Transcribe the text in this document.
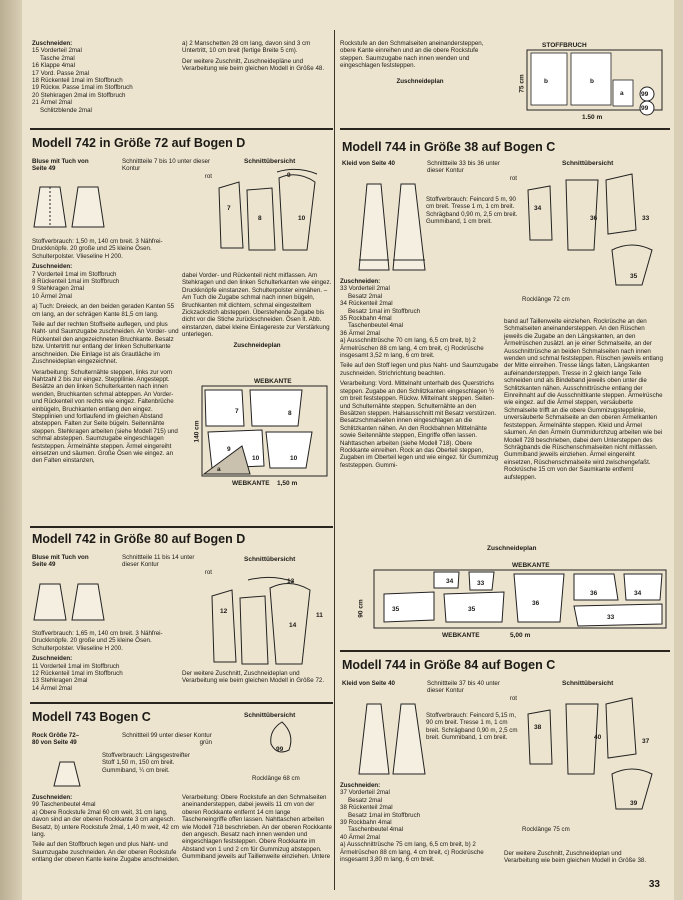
Zuschneiden:
15 Vorderteil 2mal
Tasche 2mal
16 Klappe 4mal
17 Vord. Passe 2mal
18 Rückenteil 1mal im Stoffbruch
19 Rückw. Passe 1mal im Stoffbruch
20 Stehkragen 2mal im Stoffbruch
21 Ärmel 2mal
Schlitzblende 2mal

a) 2 Manschetten 28 cm lang, davon sind 3 cm Untertritt, 10 cm breit (fertige Breite 5 cm).

Der weitere Zuschnitt, Zuschneidepläne und Verarbeitung wie beim gleichen Modell in Größe 48.

Rockstufe an den Schmalseiten aneinandersteppen, obere Kante einreihen und an die obere Rockstufe steppen. Saumzugabe nach innen wenden und eingeschlagen feststeppen.

Zuschneideplan

STOFFBRUCH
b	b
a	99
99
75 cm
1.50 m
Modell 742 in Größe 72 auf Bogen D
Bluse mit Tuch von Seite 49
Schnittteile 7 bis 10 unter dieser Kontur
rot
Schnittübersicht
7
8
9
10

Stoffverbrauch: 1,50 m, 140 cm breit. 3 Nähfrei-Druckknöpfe. 20 große und 25 kleine Ösen. Schulterpolster. Vlieseline H 200.

Zuschneiden:
7 Vorderteil 1mal im Stoffbruch
8 Rückenteil 1mal im Stoffbruch
9 Stehkragen 2mal
10 Ärmel 2mal

a) Tuch: Dreieck, an den beiden geraden Kanten 55 cm lang, an der schrägen Kante 81,5 cm lang.

Teile auf der rechten Stoffseite auflegen, und plus Naht- und Saumzugabe zuschneiden. An Vorder- und Rückenteil den angezeichneten Bruchkante. Besatz bzw. Untertritt nur entlang der linken Schulterkante anschneiden. Die Einlage ist als Grautläche im Zuschneideplan eingezeichnet.

Verarbeitung: Schulternähte steppen, links zur vom Nahtzahl 2 bis zur eingez. Steppllinie. Angesteppt. Besätze an den linken Schulterkanten nach innen wenden, Bruchkanten schmal abteppen. An Vorder- und Rückenteil von rechts wie eingez. Faltenbrüche einbügeln, Bruchkanten entlang den eingez. Stepplinien und fortlaufend im gleichen Abstand absteppen. Falten zur Seite bügeln. Seitennähte steppen. Stehkragen arbeiten (siehe Modell 715) und schmal absteppen. Saumzugabe eingeschlagen feststeppen. Ärmelnähte steppen. Ärmel eingereiht einsetzen und säumen. Große Ösen wie eingez. an den Falten einstanzen,

dabei Vorder- und Rückenteil nicht mitfassen. Am Stehkragen und den linken Schulterkanten wie eingez. Druckknöpfe einstanzen. Schulterpolster einnähen. – Am Tuch die Zugabe schmal nach innen bügeln, Bruchkanten mit dichtem, schmal eingestelltem Zickzackstich absteppen. Überstehende Zugabe bis dicht vor die Stiche zurückschneiden. Ösen lt. Abb. einstanzen, dabei kleine Einlagereste zur Verstärkung unterlegen.

Zuschneideplan

WEBKANTE
7	8
10	10
9
a
140 cm
WEBKANTE 1,50 m
Modell 742 in Größe 80 auf Bogen D
Bluse mit Tuch von Seite 49
Schnittteile 11 bis 14 unter dieser Kontur
rot
Schnittübersicht
12
11
13
14

Stoffverbrauch: 1,65 m, 140 cm breit. 3 Nähfrei-Druckknöpfe. 20 große und 25 kleine Ösen. Schulterpolster. Vlieseline H 200.

Zuschneiden:
11 Vorderteil 1mal im Stoffbruch
12 Rückenteil 1mal im Stoffbruch
13 Stehkragen 2mal
14 Ärmel 2mal
Der weitere Zuschnitt, Zuschneideplan und Verarbeitung wie beim gleichen Modell in Größe 72.
Modell 743 Bogen C	Schnittübersicht
Rock Größe 72–80 von Seite 49
Schnittteil 99 unter dieser Kontur
grün
99
Rocklänge 68 cm
Stoffverbrauch: Längsgestreifter Stoff 1,50 m, 150 cm breit. Gummiband, ¼ cm breit.
Zuschneiden:
99 Taschenbeutel 4mal

a) Obere Rockstufe 2mal 60 cm weit, 31 cm lang, davon sind an der oberen Rockkante 3 cm angesch. Besatz, b) untere Rockstufe 2mal, 1,40 m weit, 42 cm lang.

Teile auf den Stoffbruch legen und plus Naht- und Saumzugabe zuschneiden. An der oberen Rockstufe entlang der oberen Kante keine Zugabe anschneiden.

Verarbeitung: Obere Rockstufe an den Schmalseiten aneinandersteppen, dabei jeweils 11 cm von der oberen Rockkante entfernt 14 cm lange Tascheneingriffe offen lassen. Nahttaschen arbeiten wie Modell 718 beschrieben. An der oberen Rockkante den angesch. Besatz nach innen wenden und eingeschlagen feststeppen. Obere Rockkante im Abstand von 1 und 2 cm für Gummizug absteppen. Gummiband jeweils auf Taillenweite einziehen. Untere
Modell 744 in Größe 38 auf Bogen C
Kleid von Seite 40	Schnittteile 33 bis 36 unter dieser Kontur
rot
Schnittübersicht
34
36	33
35
Rocklänge 72 cm
Stoffverbrauch: Feincord 5 m, 90 cm breit. Tresse 1 m, 1 cm breit. Schrägband 0,90 m, 2,5 cm breit. Gummiband, 1 cm breit.
Zuschneiden:
33 Vorderteil 2mal
Besatz 2mal
34 Rückenteil 2mal
Besatz 1mal im Stoffbruch
35 Rockbahn 4mal
Taschenbeutel 4mal
36 Ärmel 2mal

a) Ausschnittrüsche 70 cm lang, 6,5 cm breit, b) 2 Ärmelrüschen 88 cm lang, 4 cm breit, c) Rockrüsche insgesamt 3,52 m lang, 6 cm breit.

Teile auf den Stoff legen und plus Naht- und Saumzugabe zuschneiden. Strichrichtung beachten.

Verarbeitung: Vord. Mittelnaht unterhalb des Querstrichs steppen. Zugabe an den Schlitzkanten eingeschlagen ½ cm breit feststeppen. Rückw. Mittelnaht steppen. Seiten- und Schulternähte steppen. Schulternähte an den Besätzen steppen. Halsausschnitt mit Besatz verstürzen. Besatzschmalseiten innen eingeschlagen an die Schlitzkanten nähen. An den Rockbahnen Mittelnähte sowie Seitennähte steppen, Eingriffe offen lassen. Nahttaschen arbeiten (siehe Modell 718). Obere Rockkante einreihen. Rock an das Oberteil steppen, Zugaben im Oberteil legen und wie eingez. für Gummizug feststeppen. Gummi-

band auf Taillenweite einziehen. Rockrüsche an den Schmalseiten aneinandersteppen. An den Rüschen jeweils die Zugabe an den Längskanten, an den Ärmelrüschen zusätzl. an je einer Schmalseite, an der Ausschnittrüsche an beiden Schmalseiten nach innen wenden und schmal feststeppen. Rüschen jeweils entlang der Mitte einreihen. Tresse längs falten, Längskanten aufeinandersteppen. Tresse in 2 gleich lange Teile schneiden und als Bindeband jeweils oben unter die Schlitzkanten nähen. Ausschnittrüsche entlang der Einreihnaht auf die Ausschnittkante steppen. Ärmelrüsche wie eingez. auf die Ärmel steppen, versäuberte Schmalseite trifft an die obere Gummizugstepplinie, unversäuberte Schmalseite an den oberen Ärmelkanten feststeppen. Ärmelnähte steppen. Kleid und Ärmel säumen. An den Ärmeln Gummidurchzug arbeiten wie bei Modell 728 beschrieben, dabei dem Untersteppen des Schrägbands die Rüschenschmalseiten nicht mitfassen. Gummiband jeweils einziehen. Ärmel eingereiht einsetzen, Rüschenschmalseite wird zwischengefaßt. Rockrüsche 15 cm von der Saumkante entfernt aufsteppen.
Zuschneideplan
WEBKANTE
34	33
35	35
36
36	34
33
90 cm
WEBKANTE	5,00 m
Modell 744 in Größe 84 auf Bogen C
Kleid von Seite 40	Schnittteile 37 bis 40 unter dieser Kontur
rot
Schnittübersicht
38
40
37
39
Rocklänge 75 cm
Stoffverbrauch: Feincord 5,15 m, 90 cm breit. Tresse 1 m, 1 cm breit. Schrägband 0,90 m, 2,5 cm breit. Gummiband, 1 cm breit.
Zuschneiden:
37 Vorderteil 2mal
Besatz 2mal
38 Rückenteil 2mal
Besatz 1mal im Stoffbruch
39 Rockbahn 4mal
Taschenbeutel 4mal
40 Ärmel 2mal

a) Ausschnittrüsche 75 cm lang, 6,5 cm breit, b) 2 Ärmelrüschen 88 cm lang, 4 cm breit, c) Rockrüsche insgesamt 3,80 m lang, 6 cm breit.

Der weitere Zuschnitt, Zuschneideplan und Verarbeitung wie beim gleichen Modell in Größe 38.
33
